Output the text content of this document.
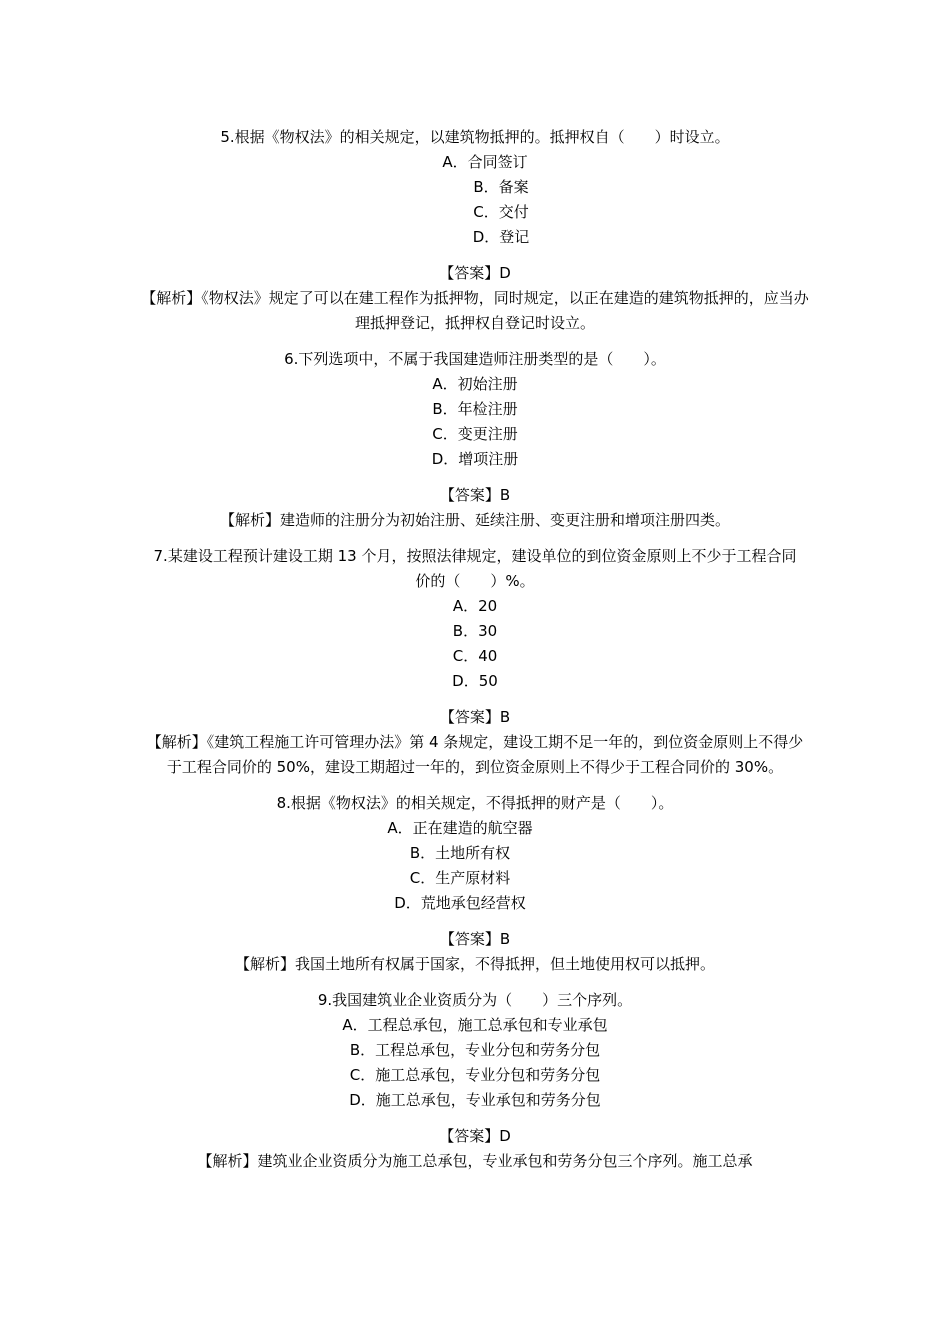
5.根据《物权法》的相关规定，以建筑物抵押的。抵押权自（　　）时设立。
A．合同签订
B．备案
C．交付
D．登记
【答案】D
【解析】《物权法》规定了可以在建工程作为抵押物，同时规定，以正在建造的建筑物抵押的，应当办理抵押登记，抵押权自登记时设立。
6.下列选项中，不属于我国建造师注册类型的是（　　）。
A．初始注册
B．年检注册
C．变更注册
D．增项注册
【答案】B
【解析】建造师的注册分为初始注册、延续注册、变更注册和增项注册四类。
7.某建设工程预计建设工期 13 个月，按照法律规定，建设单位的到位资金原则上不少于工程合同价的（　　）%。
A．20
B．30
C．40
D．50
【答案】B
【解析】《建筑工程施工许可管理办法》第 4 条规定，建设工期不足一年的，到位资金原则上不得少于工程合同价的 50%，建设工期超过一年的，到位资金原则上不得少于工程合同价的 30%。
8.根据《物权法》的相关规定，不得抵押的财产是（　　）。
A．正在建造的航空器
B．土地所有权
C．生产原材料
D．荒地承包经营权
【答案】B
【解析】我国土地所有权属于国家，不得抵押，但土地使用权可以抵押。
9.我国建筑业企业资质分为（　　）三个序列。
A．工程总承包，施工总承包和专业承包
B．工程总承包，专业分包和劳务分包
C．施工总承包，专业分包和劳务分包
D．施工总承包，专业承包和劳务分包
【答案】D
【解析】建筑业企业资质分为施工总承包，专业承包和劳务分包三个序列。施工总承
